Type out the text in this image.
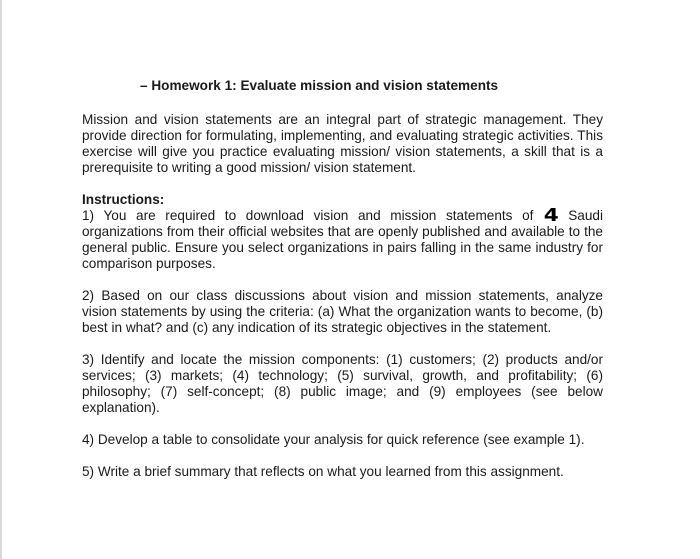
– Homework 1: Evaluate mission and vision statements

Mission and vision statements are an integral part of strategic management. They provide direction for formulating, implementing, and evaluating strategic activities. This exercise will give you practice evaluating mission/ vision statements, a skill that is a prerequisite to writing a good mission/ vision statement.

Instructions:

1) You are required to download vision and mission statements of 4 Saudi organizations from their official websites that are openly published and available to the general public. Ensure you select organizations in pairs falling in the same industry for comparison purposes.

2) Based on our class discussions about vision and mission statements, analyze vision statements by using the criteria: (a) What the organization wants to become, (b) best in what? and (c) any indication of its strategic objectives in the statement.

3) Identify and locate the mission components: (1) customers; (2) products and/or services; (3) markets; (4) technology; (5) survival, growth, and profitability; (6) philosophy; (7) self-concept; (8) public image; and (9) employees (see below explanation).

4) Develop a table to consolidate your analysis for quick reference (see example 1).

5) Write a brief summary that reflects on what you learned from this assignment.
